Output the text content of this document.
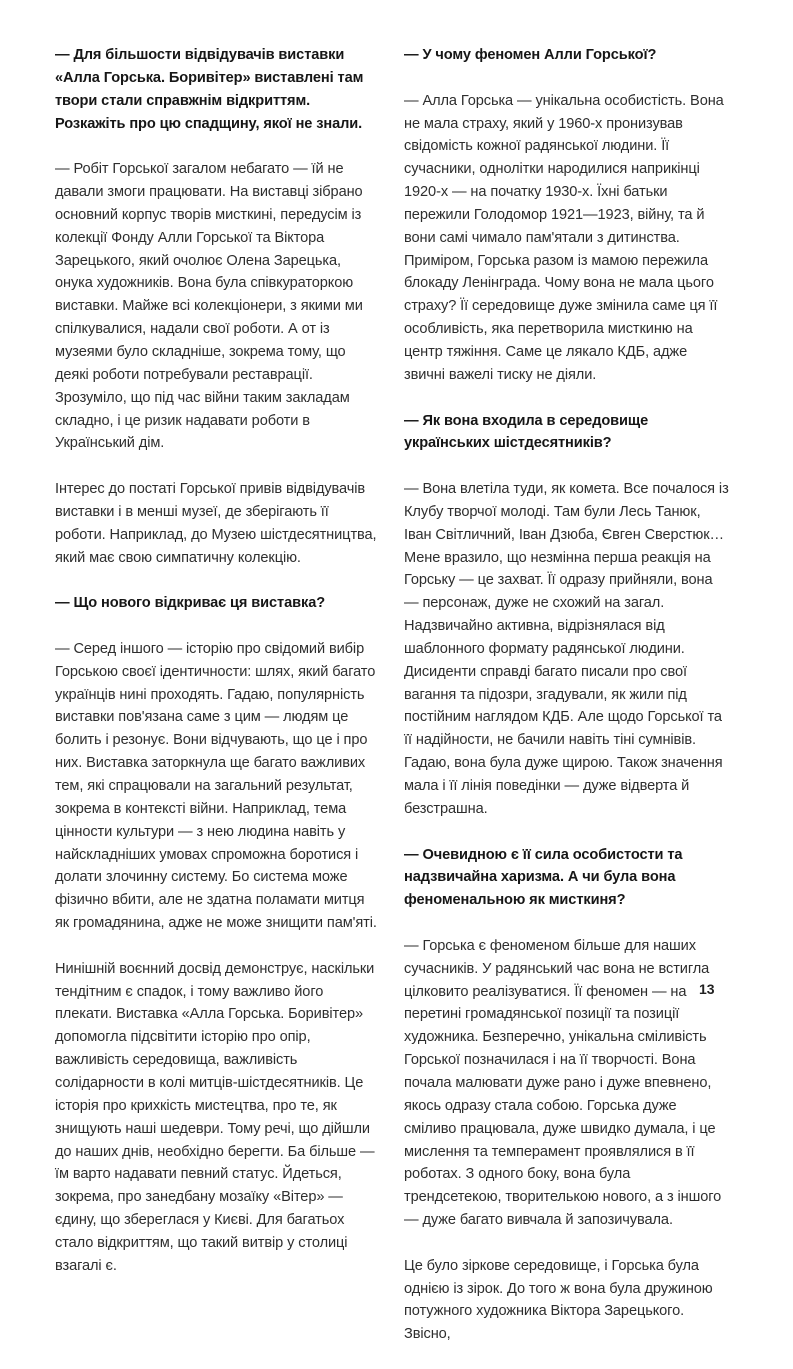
— Для більшости відвідувачів виставки «Алла Горська. Боривітер» виставлені там твори стали справжнім відкриттям. Розкажіть про цю спадщину, якої не знали.

— Робіт Горської загалом небагато — їй не давали змоги працювати. На виставці зібрано основний корпус творів мисткині, передусім із колекції Фонду Алли Горської та Віктора Зарецького, який очолює Олена Зарецька, онука художників. Вона була співкураторкою виставки. Майже всі колекціонери, з якими ми спілкувалися, надали свої роботи. А от із музеями було складніше, зокрема тому, що деякі роботи потребували реставрації. Зрозуміло, що під час війни таким закладам складно, і це ризик надавати роботи в Український дім.

Інтерес до постаті Горської привів відвідувачів виставки і в менші музеї, де зберігають її роботи. Наприклад, до Музею шістдесятництва, який має свою симпатичну колекцію.

— Що нового відкриває ця виставка?

— Серед іншого — історію про свідомий вибір Горською своєї ідентичности: шлях, який багато українців нині проходять. Гадаю, популярність виставки пов'язана саме з цим — людям це болить і резонує. Вони відчувають, що це і про них. Виставка заторкнула ще багато важливих тем, які спрацювали на загальний результат, зокрема в контексті війни. Наприклад, тема цінности культури — з нею людина навіть у найскладніших умовах спроможна боротися і долати злочинну систему. Бо система може фізично вбити, але не здатна поламати митця як громадянина, адже не може знищити пам'яті.

Нинішній воєнний досвід демонструє, наскільки тендітним є спадок, і тому важливо його плекати. Виставка «Алла Горська. Боривітер» допомогла підсвітити історію про опір, важливість середовища, важливість солідарности в колі митців-шістдесятників. Це історія про крихкість мистецтва, про те, як знищують наші шедеври. Тому речі, що дійшли до наших днів, необхідно берегти. Ба більше — їм варто надавати певний статус. Йдеться, зокрема, про занедбану мозаїку «Вітер» — єдину, що збереглася у Києві. Для багатьох стало відкриттям, що такий витвір у столиці взагалі є.

— У чому феномен Алли Горської?

— Алла Горська — унікальна особистість. Вона не мала страху, який у 1960-х пронизував свідомість кожної радянської людини. Її сучасники, однолітки народилися наприкінці 1920-х — на початку 1930-х. Їхні батьки пережили Голодомор 1921—1923, війну, та й вони самі чимало пам'ятали з дитинства. Приміром, Горська разом із мамою пережила блокаду Ленінграда. Чому вона не мала цього страху? Її середовище дуже змінила саме ця її особливість, яка перетворила мисткиню на центр тяжіння. Саме це лякало КДБ, адже звичні важелі тиску не діяли.

— Як вона входила в середовище українських шістдесятників?

— Вона влетіла туди, як комета. Все почалося із Клубу творчої молоді. Там були Лесь Танюк, Іван Світличний, Іван Дзюба, Євген Сверстюк… Мене вразило, що незмінна перша реакція на Горську — це захват. Її одразу прийняли, вона — персонаж, дуже не схожий на загал. Надзвичайно активна, відрізнялася від шаблонного формату радянської людини. Дисиденти справді багато писали про свої вагання та підозри, згадували, як жили під постійним наглядом КДБ. Але щодо Горської та її надійности, не бачили навіть тіні сумнівів. Гадаю, вона була дуже щирою. Також значення мала і її лінія поведінки — дуже відверта й безстрашна.

— Очевидною є її сила особистости та надзвичайна харизма. А чи була вона феноменальною як мисткиня?

— Горська є феноменом більше для наших сучасників. У радянський час вона не встигла цілковито реалізуватися. Її феномен — на перетині громадянської позиції та позиції художника. Безперечно, унікальна сміливість Горської позначилася і на її творчості. Вона почала малювати дуже рано і дуже впевнено, якось одразу стала собою. Горська дуже сміливо працювала, дуже швидко думала, і це мислення та темперамент проявлялися в її роботах. З одного боку, вона була трендсетекою, творителькою нового, а з іншого — дуже багато вивчала й запозичувала.

Це було зіркове середовище, і Горська була однією із зірок. До того ж вона була дружиною потужного художника Віктора Зарецького. Звісно,

13
